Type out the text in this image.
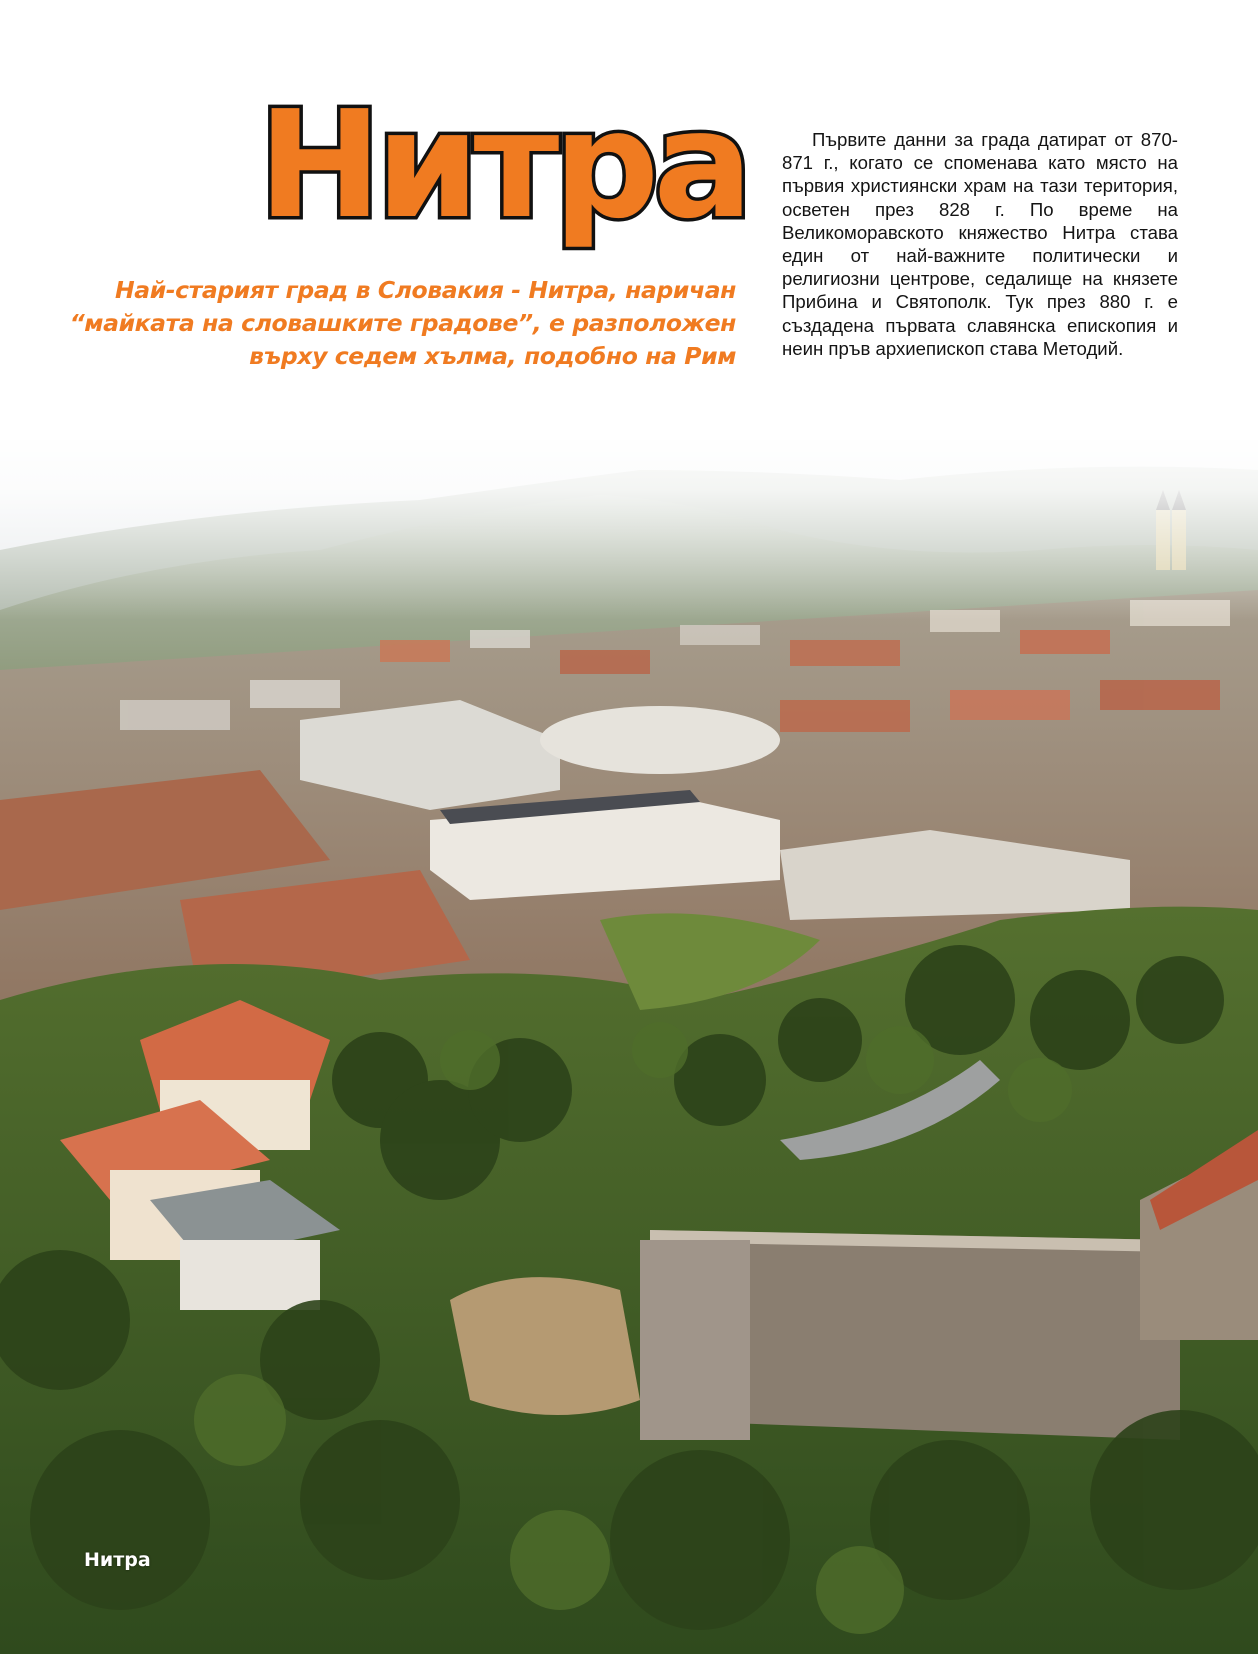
Нитра
Най-старият град в Словакия - Нитра, наричан “майката на словашките градове”, е разположен върху седем хълма, подобно на Рим
Първите данни за града датират от 870-871 г., когато се споменава като място на първия християнски храм на тази територия, осветен през 828 г. По време на Великоморавското княжество Нитра става един от най-важните политически и религиозни центрове, седалище на князете Прибина и Святополк. Тук през 880 г. е създадена първата славянска епископия и неин пръв архиепископ става Методий.
Нитра
